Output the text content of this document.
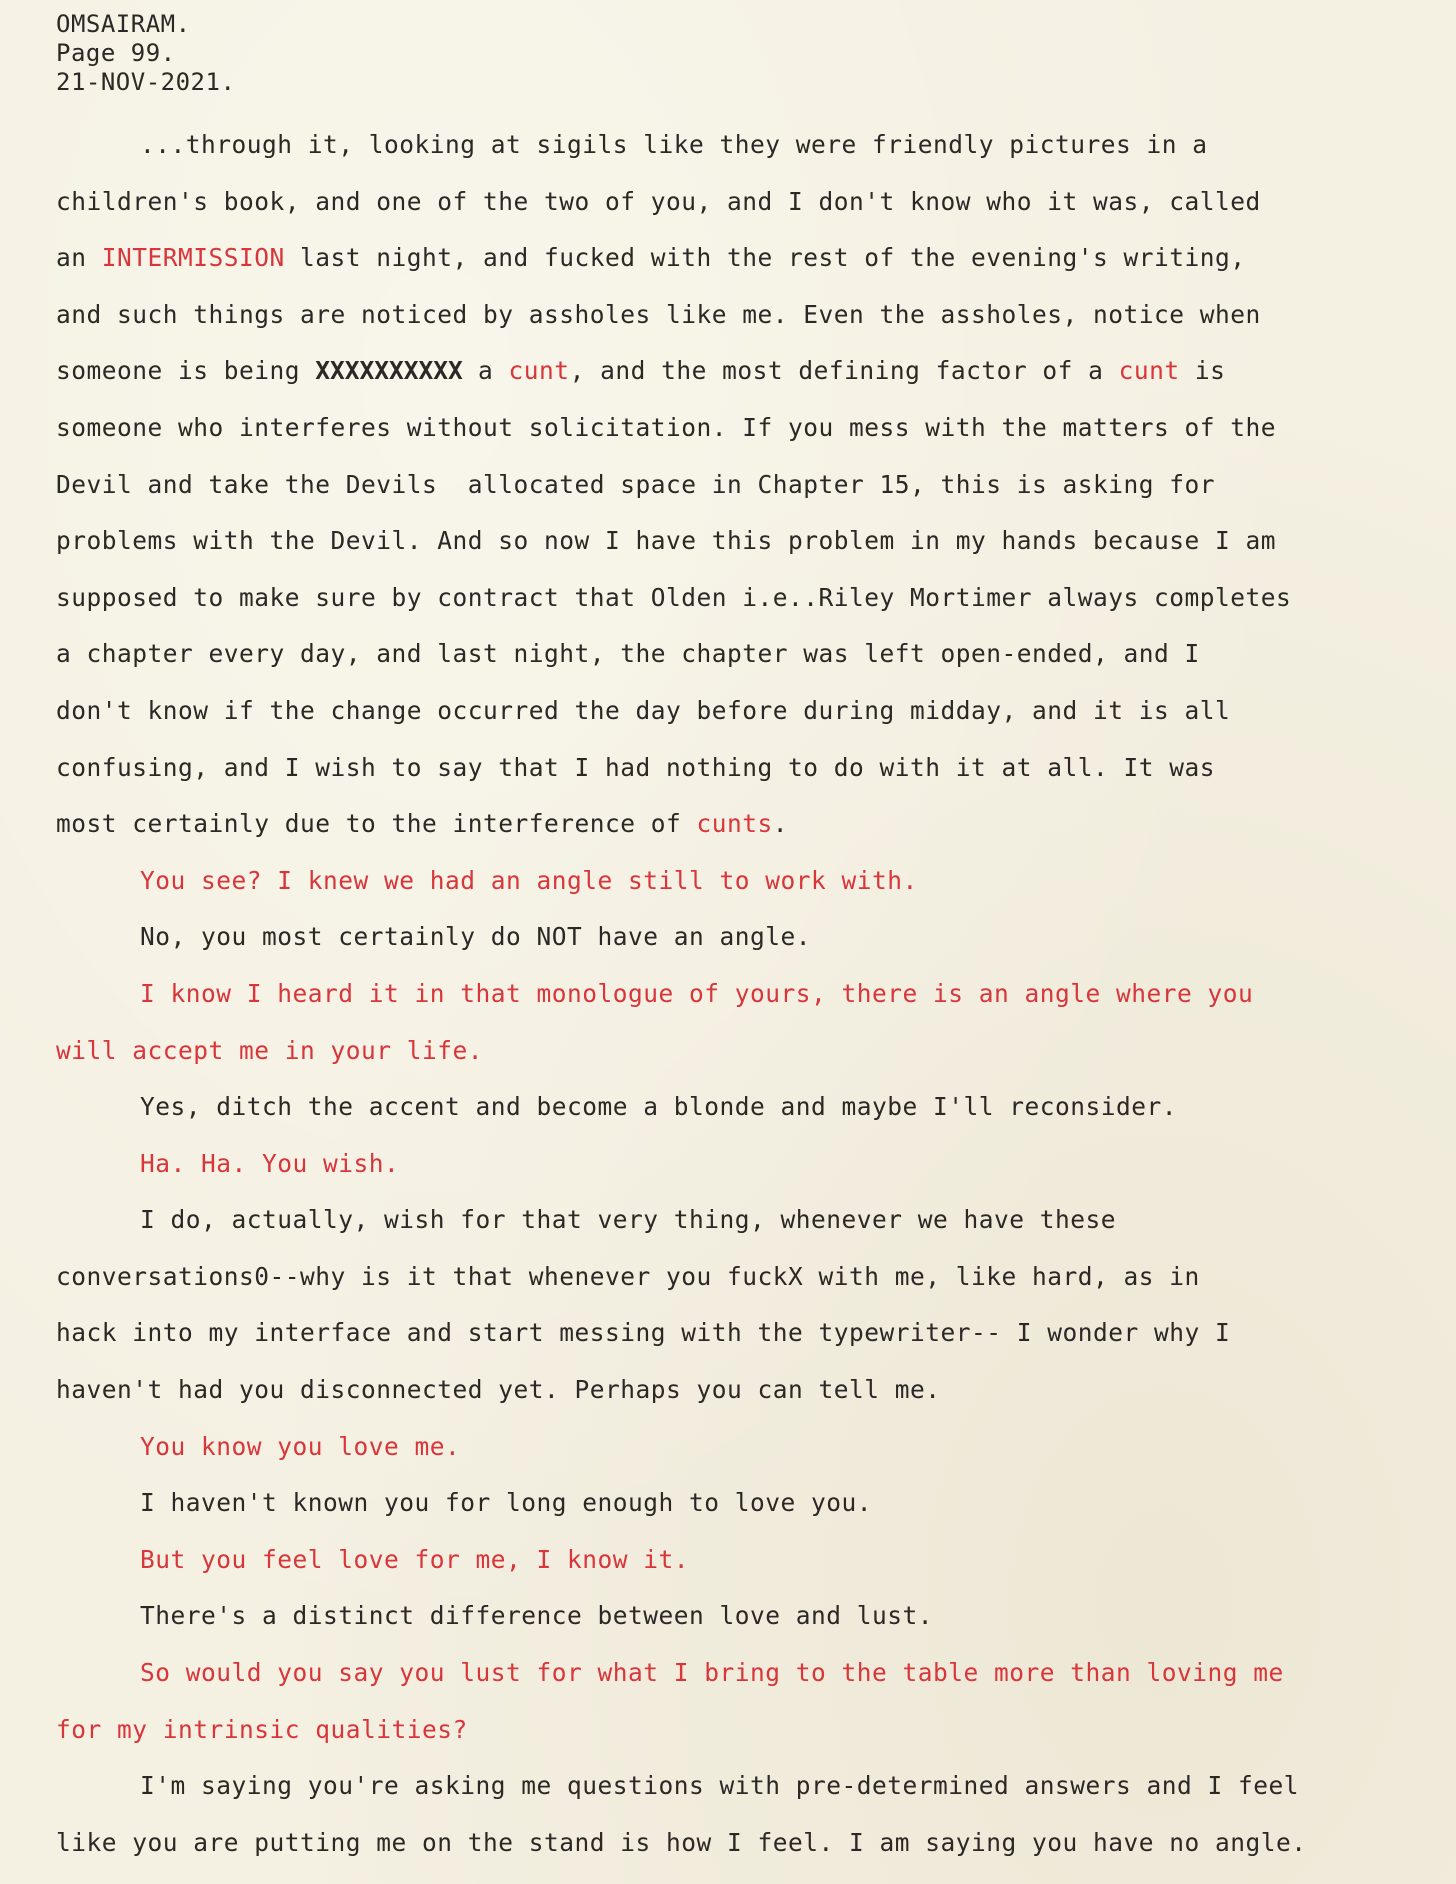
OMSAIRAM.
Page 99.
21-NOV-2021.
...through it, looking at sigils like they were friendly pictures in a
children's book, and one of the two of you, and I don't know who it was, called
an INTERMISSION last night, and fucked with the rest of the evening's writing,
and such things are noticed by assholes like me. Even the assholes, notice when
someone is being XXXXXXXXXX a cunt, and the most defining factor of a cunt is
someone who interferes without solicitation. If you mess with the matters of the
Devil and take the Devils  allocated space in Chapter 15, this is asking for
problems with the Devil. And so now I have this problem in my hands because I am
supposed to make sure by contract that Olden i.e..Riley Mortimer always completes
a chapter every day, and last night, the chapter was left open-ended, and I
don't know if the change occurred the day before during midday, and it is all
confusing, and I wish to say that I had nothing to do with it at all. It was
most certainly due to the interference of cunts.
You see? I knew we had an angle still to work with.
No, you most certainly do NOT have an angle.
I know I heard it in that monologue of yours, there is an angle where you
will accept me in your life.
Yes, ditch the accent and become a blonde and maybe I'll reconsider.
Ha. Ha. You wish.
I do, actually, wish for that very thing, whenever we have these
conversations0--why is it that whenever you fuckX with me, like hard, as in
hack into my interface and start messing with the typewriter-- I wonder why I
haven't had you disconnected yet. Perhaps you can tell me.
You know you love me.
I haven't known you for long enough to love you.
But you feel love for me, I know it.
There's a distinct difference between love and lust.
So would you say you lust for what I bring to the table more than loving me
for my intrinsic qualities?
I'm saying you're asking me questions with pre-determined answers and I feel
like you are putting me on the stand is how I feel. I am saying you have no angle.
